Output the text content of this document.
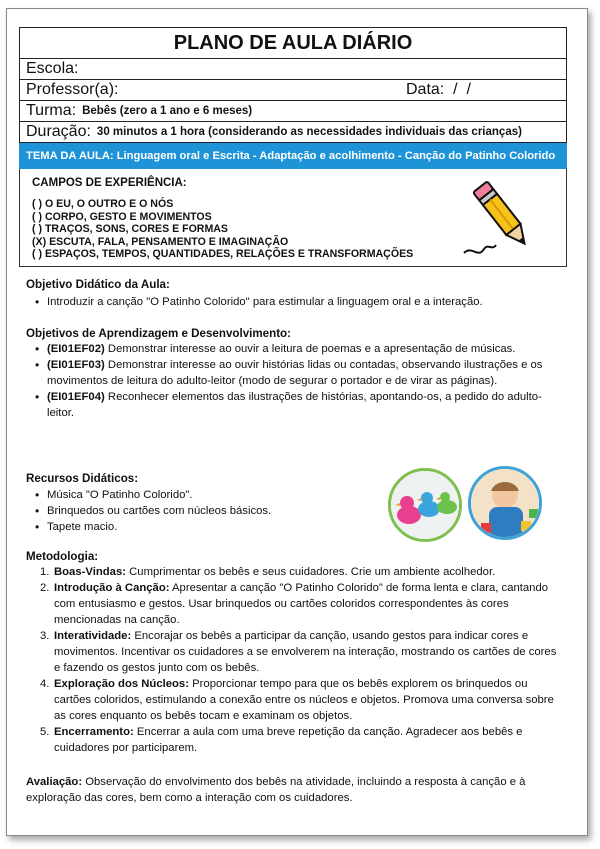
PLANO DE AULA DIÁRIO
Escola:
Professor(a):	Data:  /  /
Turma: Bebês (zero a 1 ano e 6 meses)
Duração: 30 minutos a 1 hora (considerando as necessidades individuais das crianças)
TEMA DA AULA: Linguagem oral e Escrita - Adaptação e acolhimento - Canção do Patinho Colorido
CAMPOS DE EXPERIÊNCIA:
( ) O EU, O OUTRO E O NÓS
( ) CORPO, GESTO E MOVIMENTOS
( ) TRAÇOS, SONS, CORES E FORMAS
(X) ESCUTA, FALA, PENSAMENTO E IMAGINAÇÃO
( ) ESPAÇOS, TEMPOS, QUANTIDADES, RELAÇÕES E TRANSFORMAÇÕES
Objetivo Didático da Aula:
• Introduzir a canção "O Patinho Colorido" para estimular a linguagem oral e a interação.
Objetivos de Aprendizagem e Desenvolvimento:
• (EI01EF02) Demonstrar interesse ao ouvir a leitura de poemas e a apresentação de músicas.
• (EI01EF03) Demonstrar interesse ao ouvir histórias lidas ou contadas, observando ilustrações e os movimentos de leitura do adulto-leitor (modo de segurar o portador e de virar as páginas).
• (EI01EF04) Reconhecer elementos das ilustrações de histórias, apontando-os, a pedido do adulto-leitor.
Recursos Didáticos:
• Música "O Patinho Colorido".
• Brinquedos ou cartões com núcleos básicos.
• Tapete macio.
Metodologia:
1. Boas-Vindas: Cumprimentar os bebês e seus cuidadores. Crie um ambiente acolhedor.
2. Introdução à Canção: Apresentar a canção "O Patinho Colorido" de forma lenta e clara, cantando com entusiasmo e gestos. Usar brinquedos ou cartões coloridos correspondentes às cores mencionadas na canção.
3. Interatividade: Encorajar os bebês a participar da canção, usando gestos para indicar cores e movimentos. Incentivar os cuidadores a se envolverem na interação, mostrando os cartões de cores e fazendo os gestos junto com os bebês.
4. Exploração dos Núcleos: Proporcionar tempo para que os bebês explorem os brinquedos ou cartões coloridos, estimulando a conexão entre os núcleos e objetos. Promova uma conversa sobre as cores enquanto os bebês tocam e examinam os objetos.
5. Encerramento: Encerrar a aula com uma breve repetição da canção. Agradecer aos bebês e cuidadores por participarem.
Avaliação: Observação do envolvimento dos bebês na atividade, incluindo a resposta à canção e à exploração das cores, bem como a interação com os cuidadores.
